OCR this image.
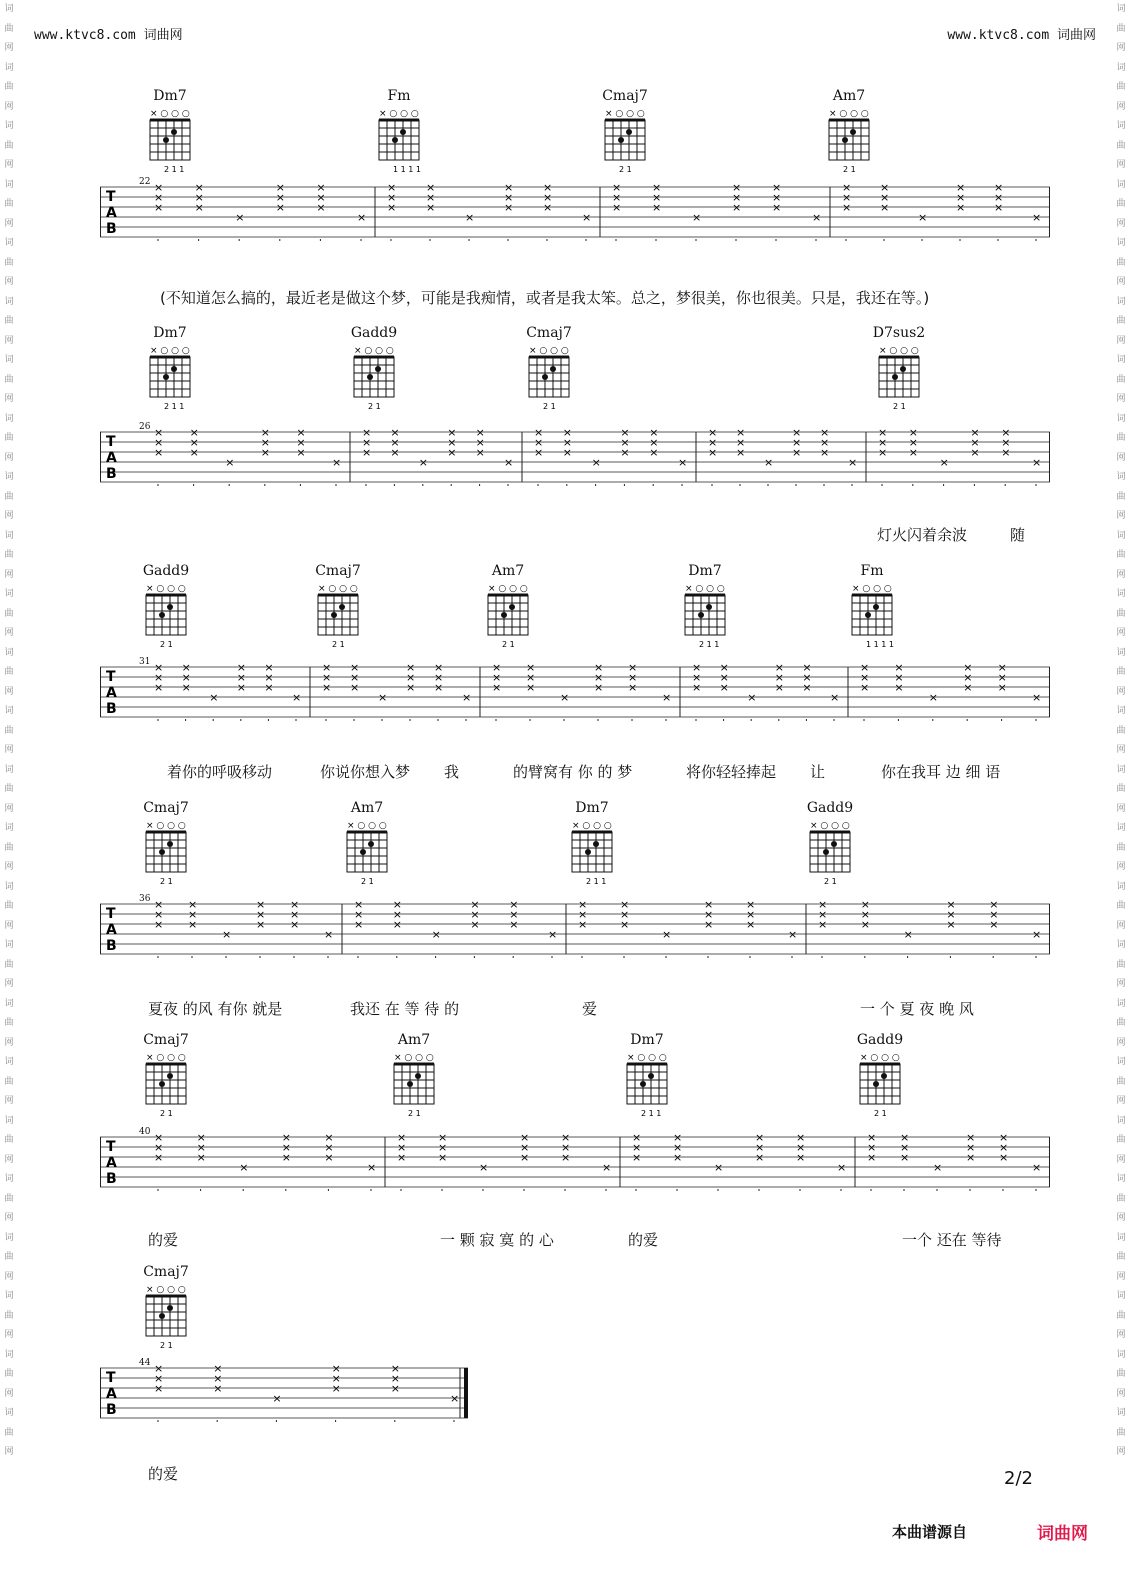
www.ktvc8.com 词曲网	www.ktvc8.com 词曲网
词曲网词曲网词曲网词曲网词曲网词曲网词曲网词曲网词曲网词曲网词曲网词曲网词曲网词曲网词曲网词曲网词曲网词曲网词曲网词曲网词曲网词曲网词曲网词曲网词曲网
词曲网词曲网词曲网词曲网词曲网词曲网词曲网词曲网词曲网词曲网词曲网词曲网词曲网词曲网词曲网词曲网词曲网词曲网词曲网词曲网词曲网词曲网词曲网词曲网词曲网
Dm7
× ○ ○ ○
2 1 1
Fm
× ○ ○ ○
1 1 1 1
Cmaj7
× ○ ○ ○
2 1
Am7
× ○ ○ ○
2 1
T
A
B
×
×
×
×
×
×
×
×
×
×
×
×
×
×
×
×
×
×
×
×
×
×
×
×
×
×
×
×
×
×
×
×
×
×
×
×
×
×
×
×
×
×
×
×
×
×
×
×
×
×
×
×
×
×
×
×
22
(不知道怎么搞的，最近老是做这个梦，可能是我痴情，或者是我太笨。总之，梦很美，你也很美。只是，我还在等。)
Dm7
× ○ ○ ○
2 1 1
Gadd9
× ○ ○ ○
2 1
Cmaj7
× ○ ○ ○
2 1
D7sus2
× ○ ○ ○
2 1
T
A
B
×
×
×
×
×
×
×
×
×
×
×
×
×
×
×
×
×
×
×
×
×
×
×
×
×
×
×
×
×
×
×
×
×
×
×
×
×
×
×
×
×
×
×
×
×
×
×
×
×
×
×
×
×
×
×
×
×
×
×
×
×
×
×
×
×
×
×
×
×
×
26
灯火闪着余波	随
Gadd9
× ○ ○ ○
2 1
Cmaj7
× ○ ○ ○
2 1
Am7
× ○ ○ ○
2 1
Dm7
× ○ ○ ○
2 1 1
Fm
× ○ ○ ○
1 1 1 1
T
A
B
×
×
×
×
×
×
×
×
×
×
×
×
×
×
×
×
×
×
×
×
×
×
×
×
×
×
×
×
×
×
×
×
×
×
×
×
×
×
×
×
×
×
×
×
×
×
×
×
×
×
×
×
×
×
×
×
×
×
×
×
×
×
×
×
×
×
×
×
×
×
31
着你的呼吸移动	你说你想入梦 我	的臂窝有 你 的 梦	将你轻轻捧起 让	你在我耳 边 细 语
Cmaj7
× ○ ○ ○
2 1
Am7
× ○ ○ ○
2 1
Dm7
× ○ ○ ○
2 1 1
Gadd9
× ○ ○ ○
2 1
T
A
B
×
×
×
×
×
×
×
×
×
×
×
×
×
×
×
×
×
×
×
×
×
×
×
×
×
×
×
×
×
×
×
×
×
×
×
×
×
×
×
×
×
×
×
×
×
×
×
×
×
×
×
×
×
×
×
×
36
夏夜 的风 有你 就是	我还 在 等 待 的	爱	一 个 夏 夜 晚 风
Cmaj7
× ○ ○ ○
2 1
Am7
× ○ ○ ○
2 1
Dm7
× ○ ○ ○
2 1 1
Gadd9
× ○ ○ ○
2 1
T
A
B
×
×
×
×
×
×
×
×
×
×
×
×
×
×
×
×
×
×
×
×
×
×
×
×
×
×
×
×
×
×
×
×
×
×
×
×
×
×
×
×
×
×
×
×
×
×
×
×
×
×
×
×
×
×
×
×
40
的爱	一 颗 寂 寞 的 心	的爱	一个 还在 等待
Cmaj7
× ○ ○ ○
2 1
T
A
B
×
×
×
×
×
×
×
×
×
×
×
×
×
×
44
的爱	2/2
本曲谱源自	词曲网
